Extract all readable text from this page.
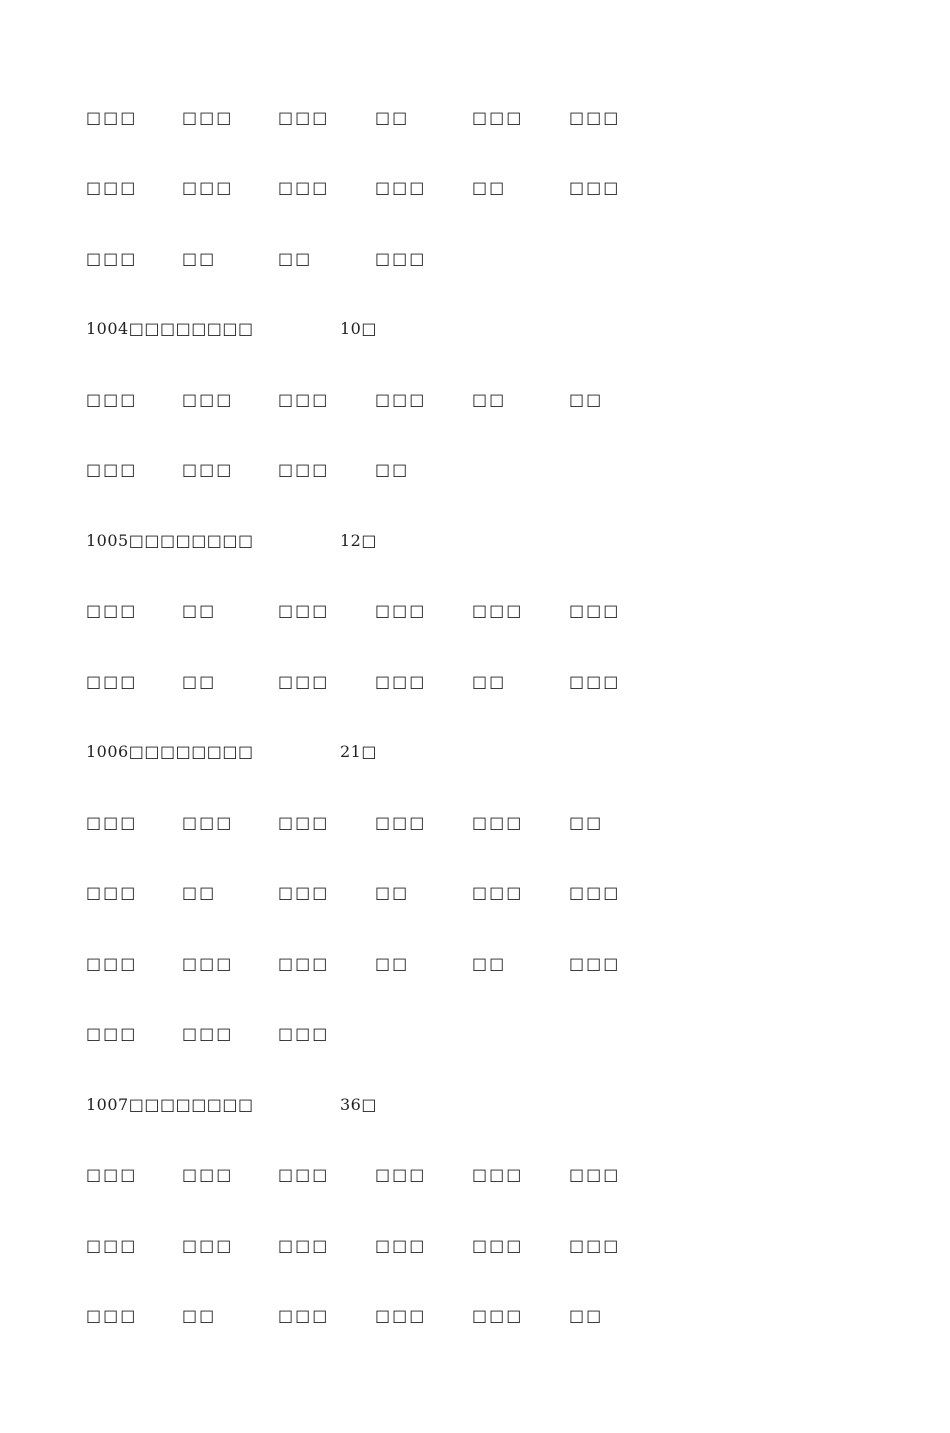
□□□	□□□	□□□	□□	□□□	□□□
□□□	□□□	□□□	□□□	□□	□□□
□□□	□□	□□	□□□
1004□□□□□□□□	10□
□□□	□□□	□□□	□□□	□□	□□
□□□	□□□	□□□	□□
1005□□□□□□□□	12□
□□□	□□	□□□	□□□	□□□	□□□
□□□	□□	□□□	□□□	□□	□□□
1006□□□□□□□□	21□
□□□	□□□	□□□	□□□	□□□	□□
□□□	□□	□□□	□□	□□□	□□□
□□□	□□□	□□□	□□	□□	□□□
□□□	□□□	□□□
1007□□□□□□□□	36□
□□□	□□□	□□□	□□□	□□□	□□□
□□□	□□□	□□□	□□□	□□□	□□□
□□□	□□	□□□	□□□	□□□	□□
